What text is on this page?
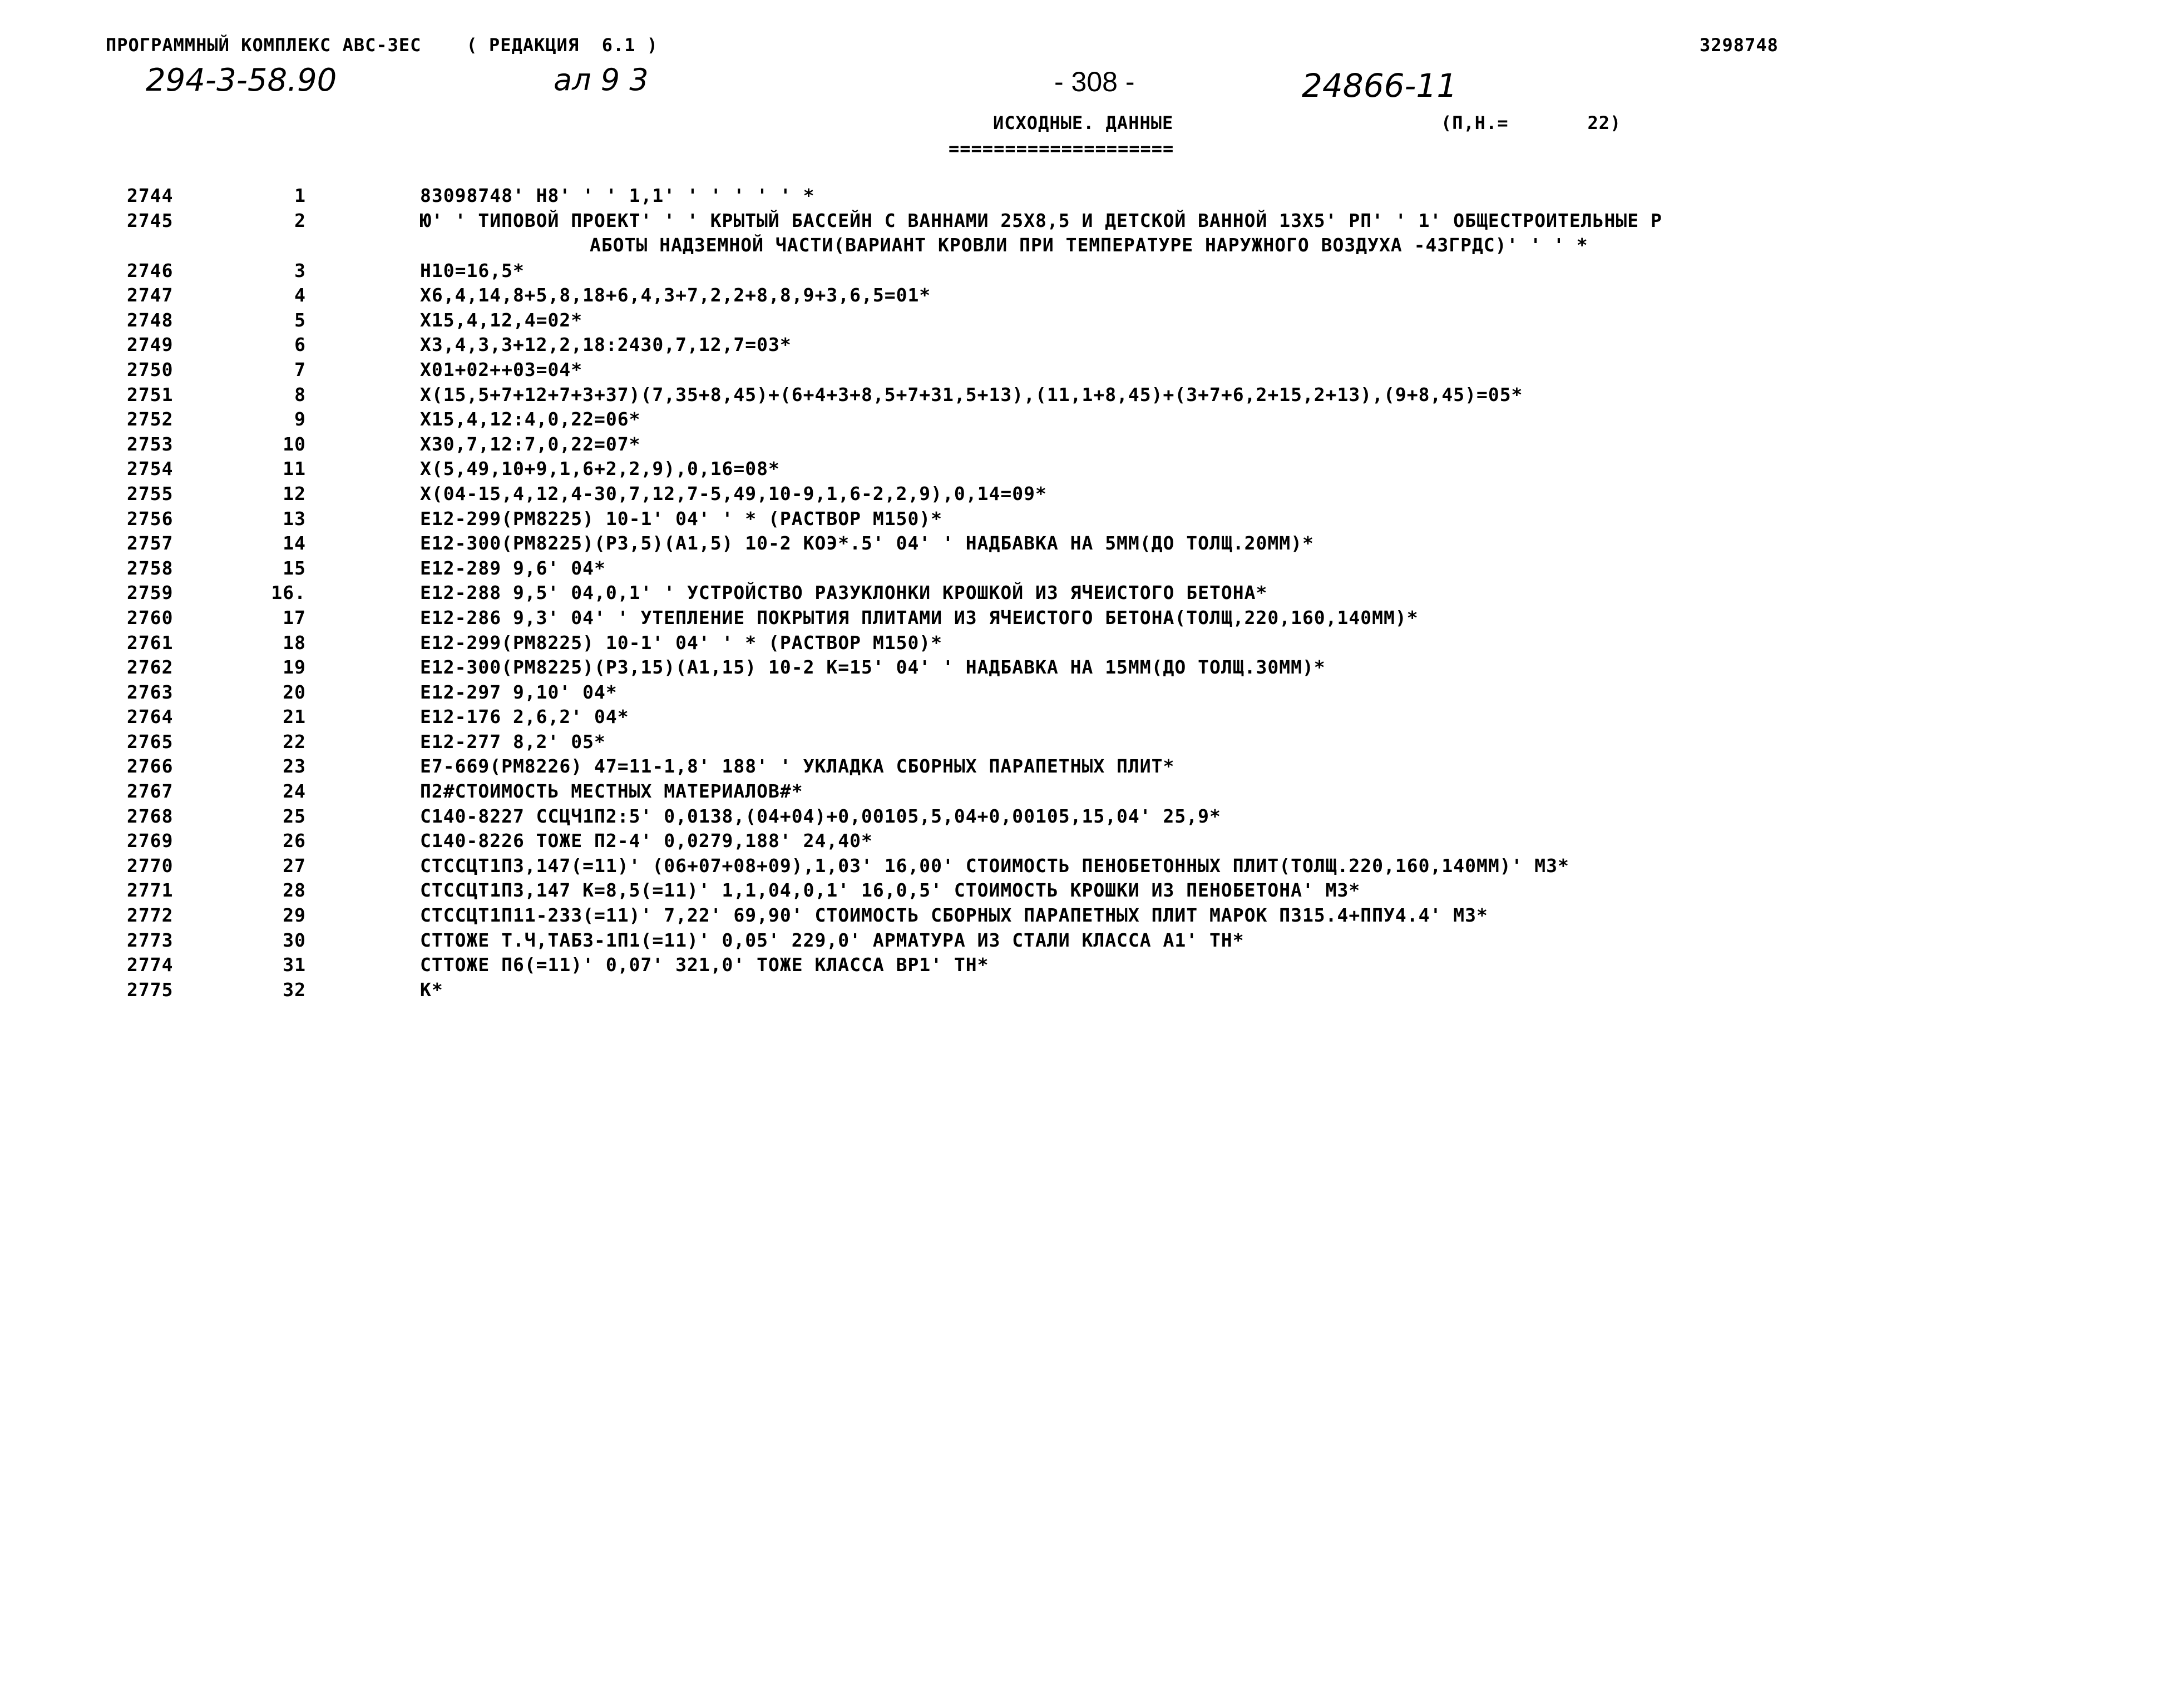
ПРОГРАММНЫЙ КОМПЛЕКС АВС-3ЕС    ( РЕДАКЦИЯ  6.1 )	3298748
294-3-58.90	ал 9 3	- 308 -	24866-11
ИСХОДНЫЕ. ДАННЫЕ	(П,Н.=       22)
====================
2744	1	83098748' Н8' ' ' 1,1' ' ' ' ' ' *
2745	2	Ю' ' ТИПОВОЙ ПРОЕКТ' ' ' КРЫТЫЙ БАССЕЙН С ВАННАМИ 25Х8,5 И ДЕТСКОЙ ВАННОЙ 13Х5' РП' ' 1' ОБЩЕСТРОИТЕЛЬНЫЕ Р
АБОТЫ НАДЗЕМНОЙ ЧАСТИ(ВАРИАНТ КРОВЛИ ПРИ ТЕМПЕРАТУРЕ НАРУЖНОГО ВОЗДУХА -43ГРДС)' ' ' *
2746	3	Н10=16,5*
2747	4	Х6,4,14,8+5,8,18+6,4,3+7,2,2+8,8,9+3,6,5=01*
2748	5	Х15,4,12,4=02*
2749	6	Х3,4,3,3+12,2,18:2430,7,12,7=03*
2750	7	Х01+02++03=04*
2751	8	Х(15,5+7+12+7+3+37)(7,35+8,45)+(6+4+3+8,5+7+31,5+13),(11,1+8,45)+(3+7+6,2+15,2+13),(9+8,45)=05*
2752	9	Х15,4,12:4,0,22=06*
2753	10	Х30,7,12:7,0,22=07*
2754	11	Х(5,49,10+9,1,6+2,2,9),0,16=08*
2755	12	Х(04-15,4,12,4-30,7,12,7-5,49,10-9,1,6-2,2,9),0,14=09*
2756	13	Е12-299(РМ8225) 10-1' 04' ' * (РАСТВОР М150)*
2757	14	Е12-300(РМ8225)(Р3,5)(А1,5) 10-2 КОЭ*.5' 04' ' НАДБАВКА НА 5ММ(ДО ТОЛЩ.20ММ)*
2758	15	Е12-289 9,6' 04*
2759	16.	Е12-288 9,5' 04,0,1' ' УСТРОЙСТВО РАЗУКЛОНКИ КРОШКОЙ ИЗ ЯЧЕИСТОГО БЕТОНА*
2760	17	Е12-286 9,3' 04' ' УТЕПЛЕНИЕ ПОКРЫТИЯ ПЛИТАМИ ИЗ ЯЧЕИСТОГО БЕТОНА(ТОЛЩ,220,160,140ММ)*
2761	18	Е12-299(РМ8225) 10-1' 04' ' * (РАСТВОР М150)*
2762	19	Е12-300(РМ8225)(Р3,15)(А1,15) 10-2 К=15' 04' ' НАДБАВКА НА 15ММ(ДО ТОЛЩ.30ММ)*
2763	20	Е12-297 9,10' 04*
2764	21	Е12-176 2,6,2' 04*
2765	22	Е12-277 8,2' 05*
2766	23	Е7-669(РМ8226) 47=11-1,8' 188' ' УКЛАДКА СБОРНЫХ ПАРАПЕТНЫХ ПЛИТ*
2767	24	П2#СТОИМОСТЬ МЕСТНЫХ МАТЕРИАЛОВ#*
2768	25	С140-8227 ССЦЧ1П2:5' 0,0138,(04+04)+0,00105,5,04+0,00105,15,04' 25,9*
2769	26	С140-8226 ТОЖЕ П2-4' 0,0279,188' 24,40*
2770	27	СТССЦТ1П3,147(=11)' (06+07+08+09),1,03' 16,00' СТОИМОСТЬ ПЕНОБЕТОННЫХ ПЛИТ(ТОЛЩ.220,160,140ММ)' М3*
2771	28	СТССЦТ1П3,147 К=8,5(=11)' 1,1,04,0,1' 16,0,5' СТОИМОСТЬ КРОШКИ ИЗ ПЕНОБЕТОНА' М3*
2772	29	СТССЦТ1П11-233(=11)' 7,22' 69,90' СТОИМОСТЬ СБОРНЫХ ПАРАПЕТНЫХ ПЛИТ МАРОК П315.4+ППУ4.4' М3*
2773	30	СТТОЖЕ Т.Ч,ТАБ3-1П1(=11)' 0,05' 229,0' АРМАТУРА ИЗ СТАЛИ КЛАССА А1' ТН*
2774	31	СТТОЖЕ П6(=11)' 0,07' 321,0' ТОЖЕ КЛАССА ВР1' ТН*
2775	32	К*
